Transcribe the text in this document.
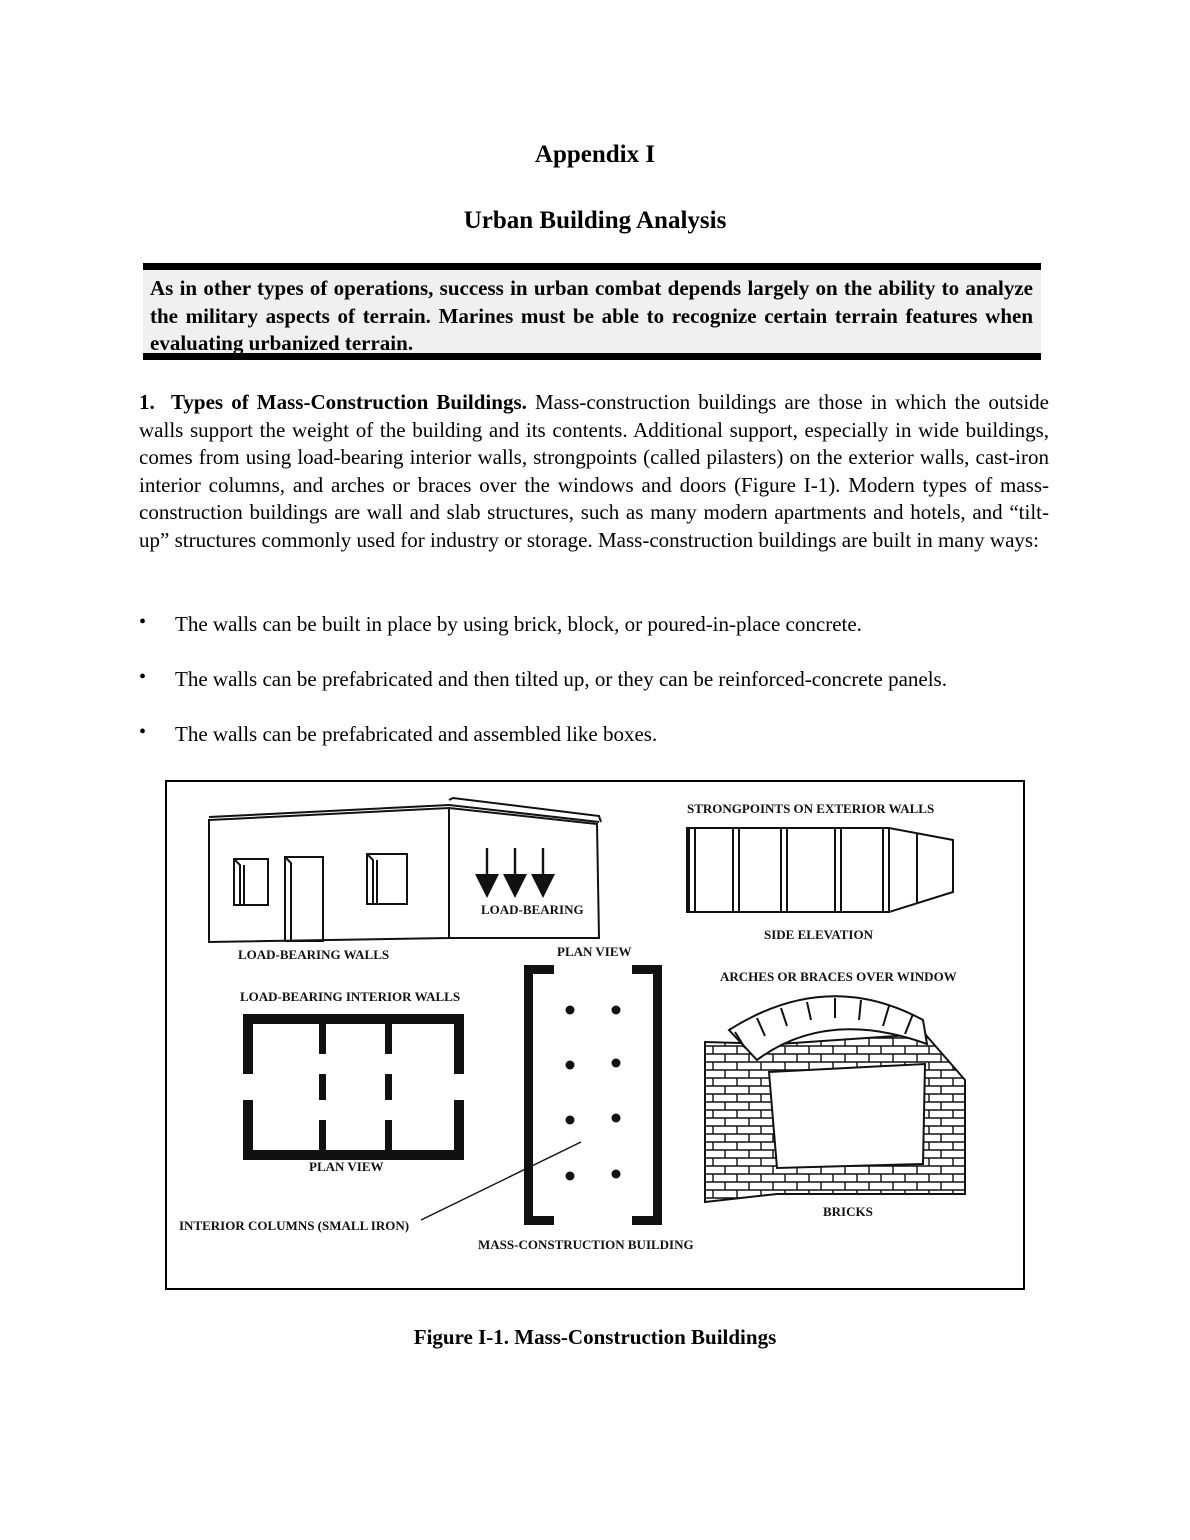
Appendix I
Urban Building Analysis
As in other types of operations, success in urban combat depends largely on the ability to analyze the military aspects of terrain. Marines must be able to recognize certain terrain features when evaluating urbanized terrain.

1.  Types of Mass-Construction Buildings. Mass-construction buildings are those in which the outside walls support the weight of the building and its contents. Additional support, especially in wide buildings, comes from using load-bearing interior walls, strongpoints (called pilasters) on the exterior walls, cast-iron interior columns, and arches or braces over the windows and doors (Figure I-1). Modern types of mass-construction buildings are wall and slab structures, such as many modern apartments and hotels, and “tilt-up” structures commonly used for industry or storage. Mass-construction buildings are built in many ways:

• The walls can be built in place by using brick, block, or poured-in-place concrete.
• The walls can be prefabricated and then tilted up, or they can be reinforced-concrete panels.
• The walls can be prefabricated and assembled like boxes.
LOAD-BEARING WALLS
LOAD-BEARING
STRONGPOINTS ON EXTERIOR WALLS
SIDE ELEVATION
PLAN VIEW
ARCHES OR BRACES OVER WINDOW
LOAD-BEARING INTERIOR WALLS
PLAN VIEW
INTERIOR COLUMNS (SMALL IRON)
MASS-CONSTRUCTION BUILDING
BRICKS
Figure I-1. Mass-Construction Buildings
